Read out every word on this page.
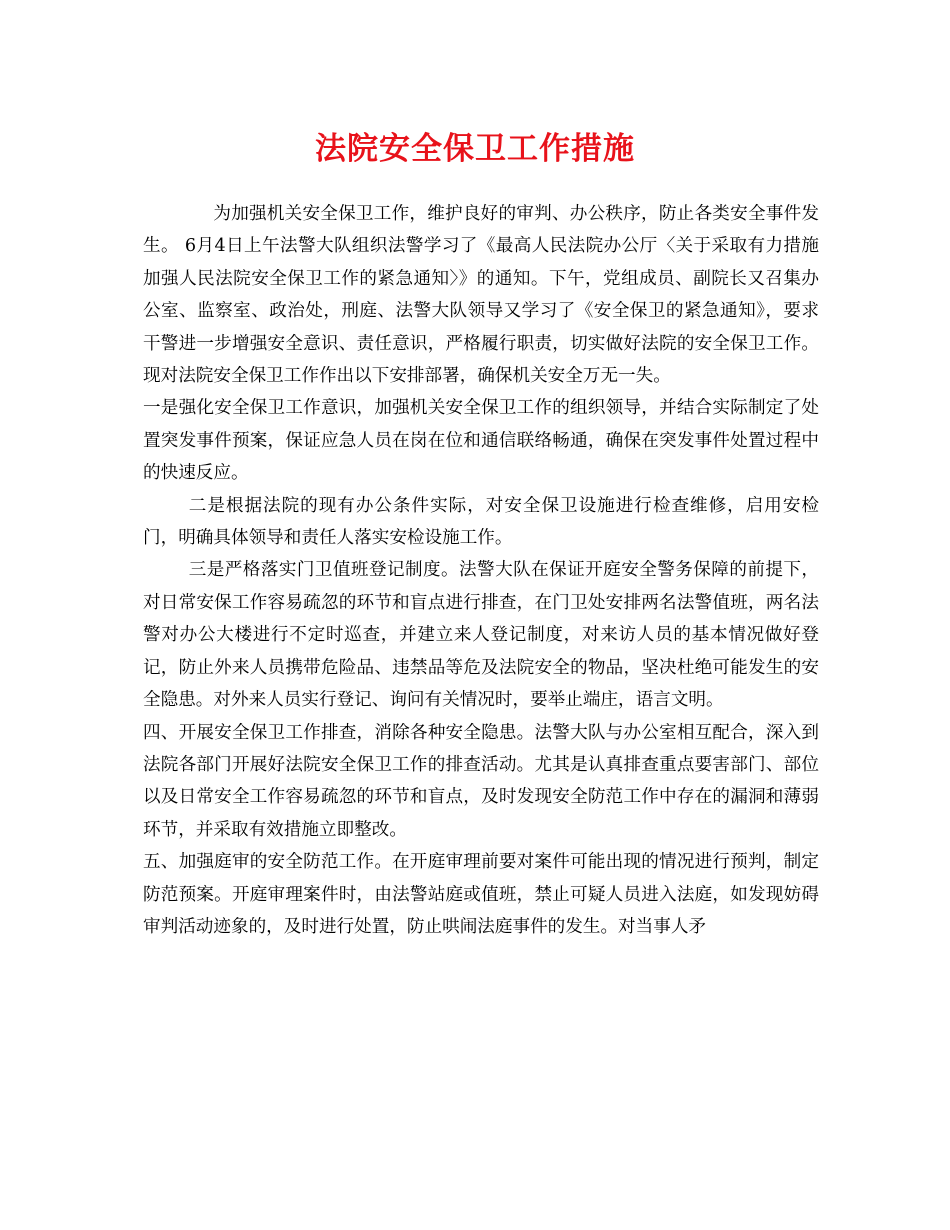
法院安全保卫工作措施

为加强机关安全保卫工作，维护良好的审判、办公秩序，防止各类安全事件发生。 6月4日上午法警大队组织法警学习了《最高人民法院办公厅〈关于采取有力措施加强人民法院安全保卫工作的紧急通知〉》的通知。下午，党组成员、副院长又召集办公室、监察室、政治处，刑庭、法警大队领导又学习了《安全保卫的紧急通知》，要求干警进一步增强安全意识、责任意识，严格履行职责，切实做好法院的安全保卫工作。现对法院安全保卫工作作出以下安排部署，确保机关安全万无一失。

一是强化安全保卫工作意识，加强机关安全保卫工作的组织领导，并结合实际制定了处置突发事件预案，保证应急人员在岗在位和通信联络畅通，确保在突发事件处置过程中的快速反应。

二是根据法院的现有办公条件实际，对安全保卫设施进行检查维修，启用安检门，明确具体领导和责任人落实安检设施工作。

三是严格落实门卫值班登记制度。法警大队在保证开庭安全警务保障的前提下，对日常安保工作容易疏忽的环节和盲点进行排查，在门卫处安排两名法警值班，两名法警对办公大楼进行不定时巡查，并建立来人登记制度，对来访人员的基本情况做好登记，防止外来人员携带危险品、违禁品等危及法院安全的物品，坚决杜绝可能发生的安全隐患。对外来人员实行登记、询问有关情况时，要举止端庄，语言文明。

四、开展安全保卫工作排查，消除各种安全隐患。法警大队与办公室相互配合，深入到法院各部门开展好法院安全保卫工作的排查活动。尤其是认真排查重点要害部门、部位以及日常安全工作容易疏忽的环节和盲点，及时发现安全防范工作中存在的漏洞和薄弱环节，并采取有效措施立即整改。

五、加强庭审的安全防范工作。在开庭审理前要对案件可能出现的情况进行预判，制定防范预案。开庭审理案件时，由法警站庭或值班，禁止可疑人员进入法庭，如发现妨碍审判活动迹象的，及时进行处置，防止哄闹法庭事件的发生。对当事人矛
